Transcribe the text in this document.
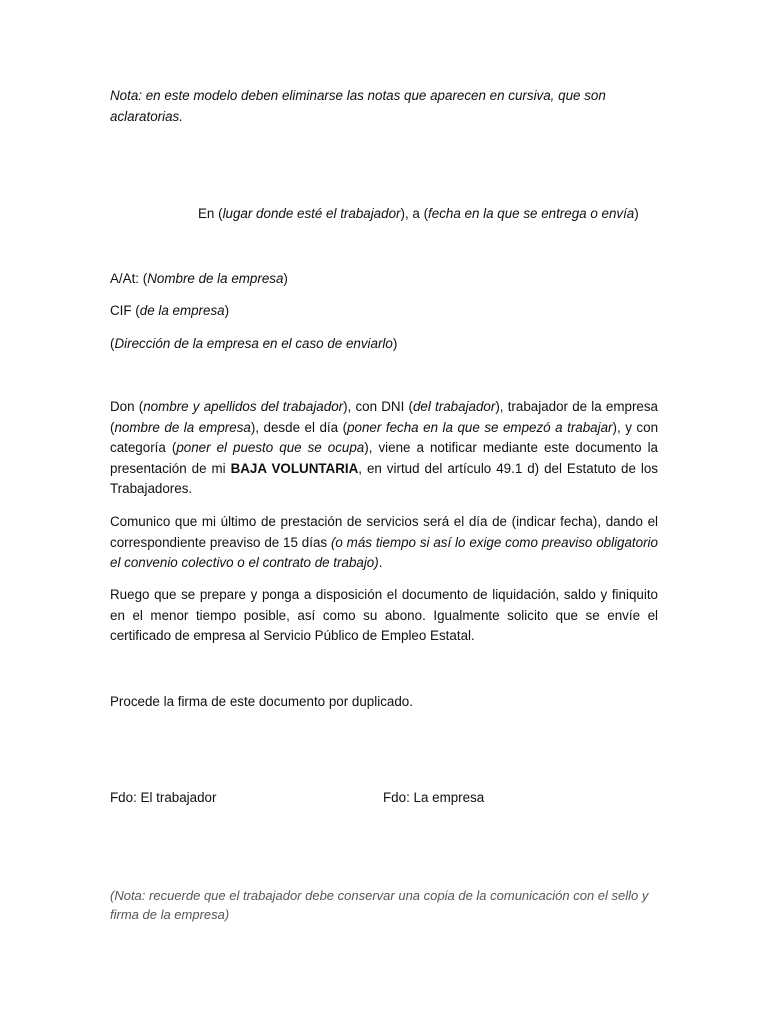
Nota: en este modelo deben eliminarse las notas que aparecen en cursiva, que son aclaratorias.
En (lugar donde esté el trabajador), a (fecha en la que se entrega o envía)
A/At: (Nombre de la empresa)
CIF (de la empresa)
(Dirección de la empresa en el caso de enviarlo)
Don (nombre y apellidos del trabajador), con DNI (del trabajador), trabajador de la empresa (nombre de la empresa), desde el día (poner fecha en la que se empezó a trabajar), y con categoría (poner el puesto que se ocupa), viene a notificar mediante este documento la presentación de mi BAJA VOLUNTARIA, en virtud del artículo 49.1 d) del Estatuto de los Trabajadores.
Comunico que mi último de prestación de servicios será el día de (indicar fecha), dando el correspondiente preaviso de 15 días (o más tiempo si así lo exige como preaviso obligatorio el convenio colectivo o el contrato de trabajo).
Ruego que se prepare y ponga a disposición el documento de liquidación, saldo y finiquito en el menor tiempo posible, así como su abono. Igualmente solicito que se envíe el certificado de empresa al Servicio Público de Empleo Estatal.
Procede la firma de este documento por duplicado.
Fdo: El trabajador	Fdo: La empresa
(Nota: recuerde que el trabajador debe conservar una copia de la comunicación con el sello y firma de la empresa)
